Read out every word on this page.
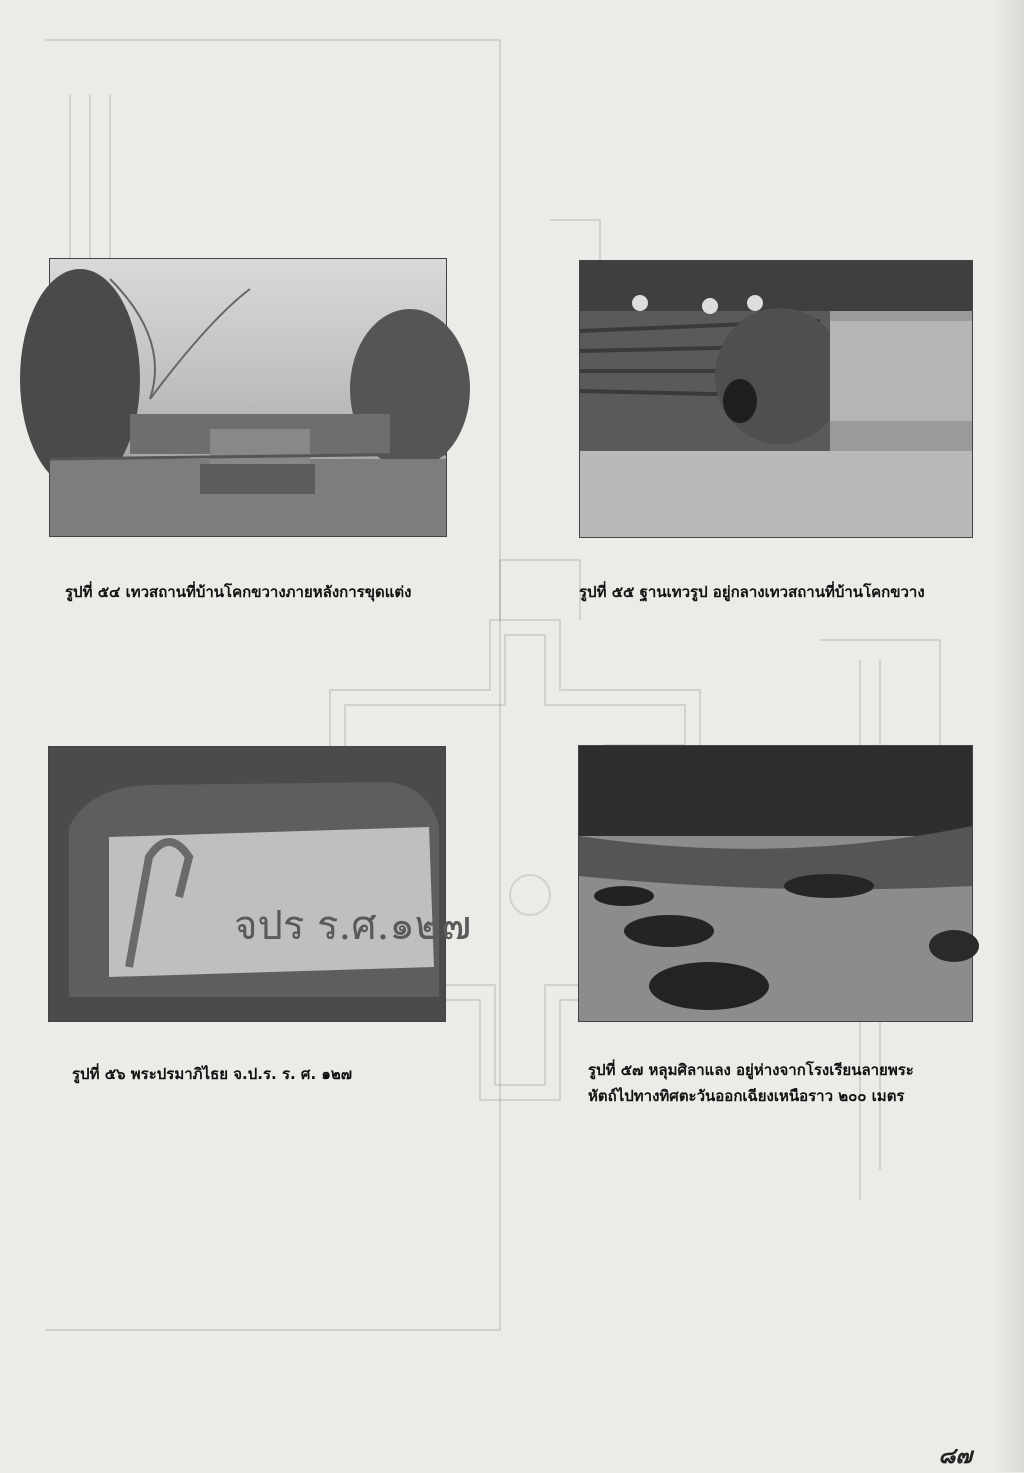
รูปที่ ๕๔ เทวสถานที่บ้านโคกขวางภายหลังการขุดแต่ง	รูปที่ ๕๕ ฐานเทวรูป อยู่กลางเทวสถานที่บ้านโคกขวาง
จปร ร.ศ.๑๒๗
รูปที่ ๕๖ พระปรมาภิไธย จ.ป.ร. ร. ศ. ๑๒๗	รูปที่ ๕๗ หลุมศิลาแลง อยู่ห่างจากโรงเรียนลายพระ
หัตถ์ไปทางทิศตะวันออกเฉียงเหนือราว ๒๐๐ เมตร
๘๗
